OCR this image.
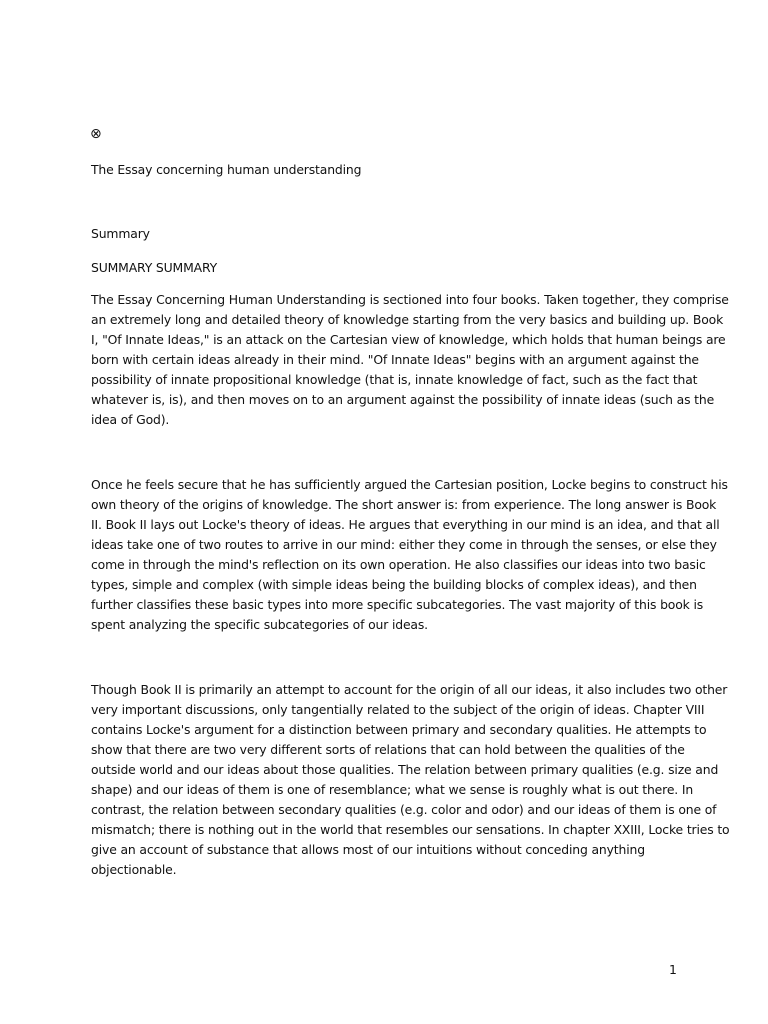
⊗
The Essay concerning human understanding
Summary
SUMMARY SUMMARY

The Essay Concerning Human Understanding is sectioned into four books. Taken together, they comprise
an extremely long and detailed theory of knowledge starting from the very basics and building up. Book
I, "Of Innate Ideas," is an attack on the Cartesian view of knowledge, which holds that human beings are
born with certain ideas already in their mind. "Of Innate Ideas" begins with an argument against the
possibility of innate propositional knowledge (that is, innate knowledge of fact, such as the fact that
whatever is, is), and then moves on to an argument against the possibility of innate ideas (such as the
idea of God).

Once he feels secure that he has sufficiently argued the Cartesian position, Locke begins to construct his
own theory of the origins of knowledge. The short answer is: from experience. The long answer is Book
II. Book II lays out Locke's theory of ideas. He argues that everything in our mind is an idea, and that all
ideas take one of two routes to arrive in our mind: either they come in through the senses, or else they
come in through the mind's reflection on its own operation. He also classifies our ideas into two basic
types, simple and complex (with simple ideas being the building blocks of complex ideas), and then
further classifies these basic types into more specific subcategories. The vast majority of this book is
spent analyzing the specific subcategories of our ideas.

Though Book II is primarily an attempt to account for the origin of all our ideas, it also includes two other
very important discussions, only tangentially related to the subject of the origin of ideas. Chapter VIII
contains Locke's argument for a distinction between primary and secondary qualities. He attempts to
show that there are two very different sorts of relations that can hold between the qualities of the
outside world and our ideas about those qualities. The relation between primary qualities (e.g. size and
shape) and our ideas of them is one of resemblance; what we sense is roughly what is out there. In
contrast, the relation between secondary qualities (e.g. color and odor) and our ideas of them is one of
mismatch; there is nothing out in the world that resembles our sensations. In chapter XXIII, Locke tries to
give an account of substance that allows most of our intuitions without conceding anything
objectionable.

1
